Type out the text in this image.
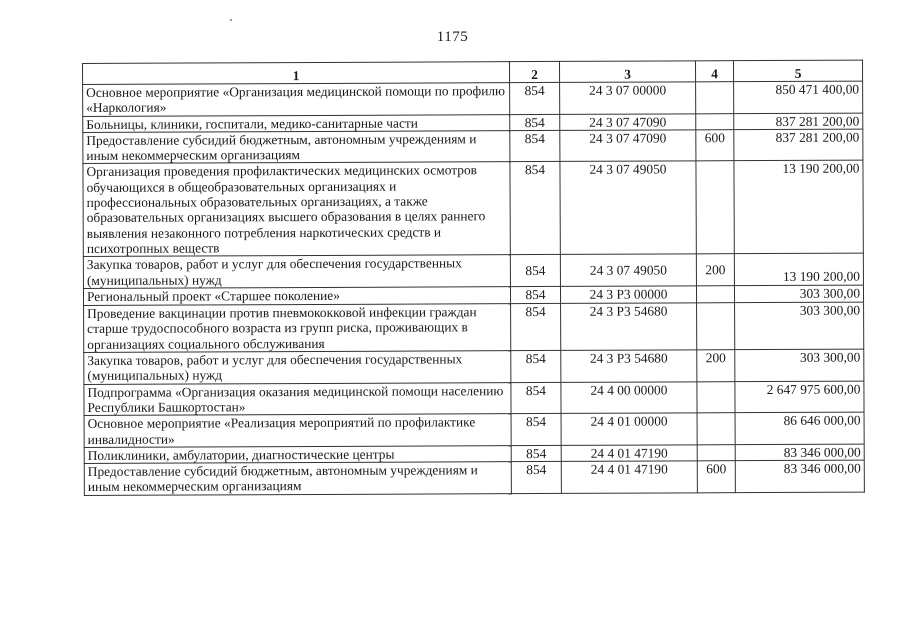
1175
1	2	3	4	5
Основное мероприятие «Организация медицинской помощи по профилю «Наркология»	854	24 3 07 00000		850 471 400,00
Больницы, клиники, госпитали, медико-санитарные части	854	24 3 07 47090		837 281 200,00
Предоставление субсидий бюджетным, автономным учреждениям и иным некоммерческим организациям	854	24 3 07 47090	600	837 281 200,00
Организация проведения профилактических медицинских осмотров обучающихся в общеобразовательных организациях и профессиональных образовательных организациях, а также образовательных организациях высшего образования в целях раннего выявления незаконного потребления наркотических средств и психотропных веществ	854	24 3 07 49050		13 190 200,00
Закупка товаров, работ и услуг для обеспечения государственных (муниципальных) нужд	854	24 3 07 49050	200	13 190 200,00
Региональный проект «Старшее поколение»	854	24 3 P3 00000		303 300,00
Проведение вакцинации против пневмококковой инфекции граждан старше трудоспособного возраста из групп риска, проживающих в организациях социального обслуживания	854	24 3 P3 54680		303 300,00
Закупка товаров, работ и услуг для обеспечения государственных (муниципальных) нужд	854	24 3 P3 54680	200	303 300,00
Подпрограмма «Организация оказания медицинской помощи населению Республики Башкортостан»	854	24 4 00 00000		2 647 975 600,00
Основное мероприятие «Реализация мероприятий по профилактике инвалидности»	854	24 4 01 00000		86 646 000,00
Поликлиники, амбулатории, диагностические центры	854	24 4 01 47190		83 346 000,00
Предоставление субсидий бюджетным, автономным учреждениям и иным некоммерческим организациям	854	24 4 01 47190	600	83 346 000,00
